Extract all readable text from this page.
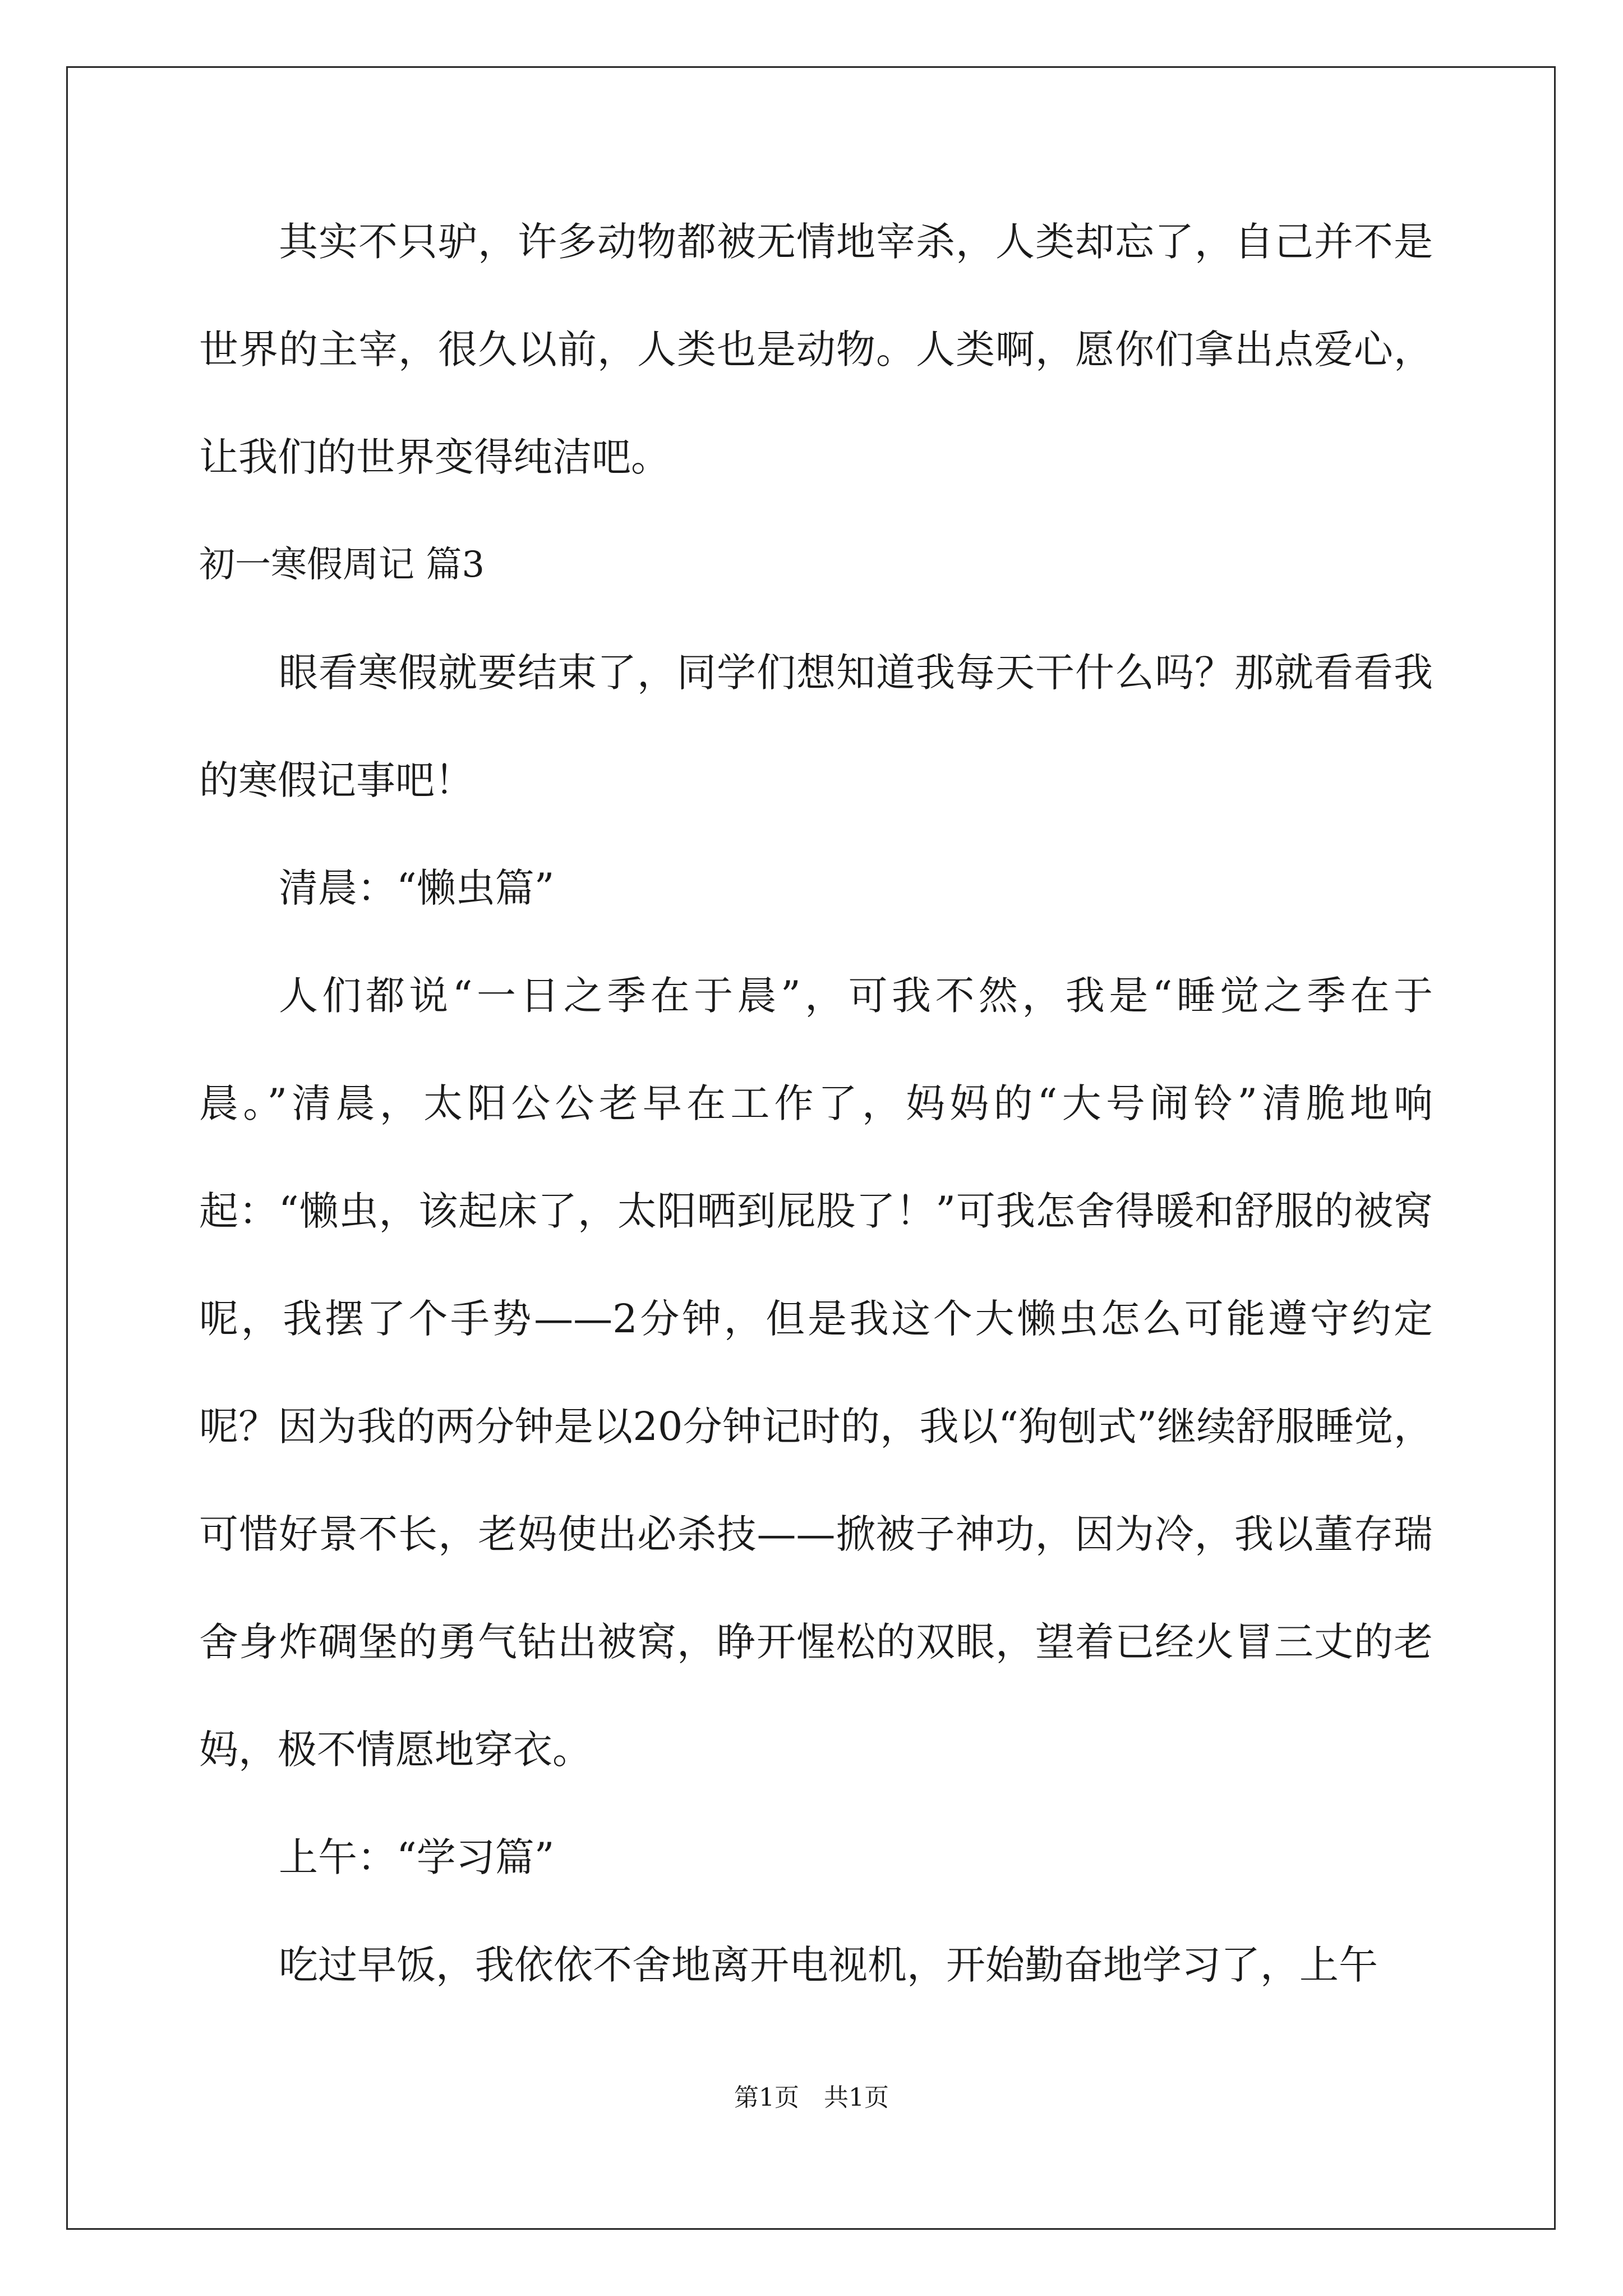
其实不只驴，许多动物都被无情地宰杀，人类却忘了，自己并不是世界的主宰，很久以前，人类也是动物。人类啊，愿你们拿出点爱心，让我们的世界变得纯洁吧。

初一寒假周记 篇3

眼看寒假就要结束了，同学们想知道我每天干什么吗？那就看看我的寒假记事吧！

清晨：“懒虫篇”

人们都说“一日之季在于晨”，可我不然，我是“睡觉之季在于晨。”清晨，太阳公公老早在工作了，妈妈的“大号闹铃”清脆地响起：“懒虫，该起床了，太阳晒到屁股了！”可我怎舍得暖和舒服的被窝呢，我摆了个手势——2分钟，但是我这个大懒虫怎么可能遵守约定呢？因为我的两分钟是以20分钟记时的，我以“狗刨式”继续舒服睡觉，可惜好景不长，老妈使出必杀技——掀被子神功，因为冷，我以董存瑞舍身炸碉堡的勇气钻出被窝，睁开惺松的双眼，望着已经火冒三丈的老妈，极不情愿地穿衣。

上午：“学习篇”

吃过早饭，我依依不舍地离开电视机，开始勤奋地学习了，上午

第1页　共1页
